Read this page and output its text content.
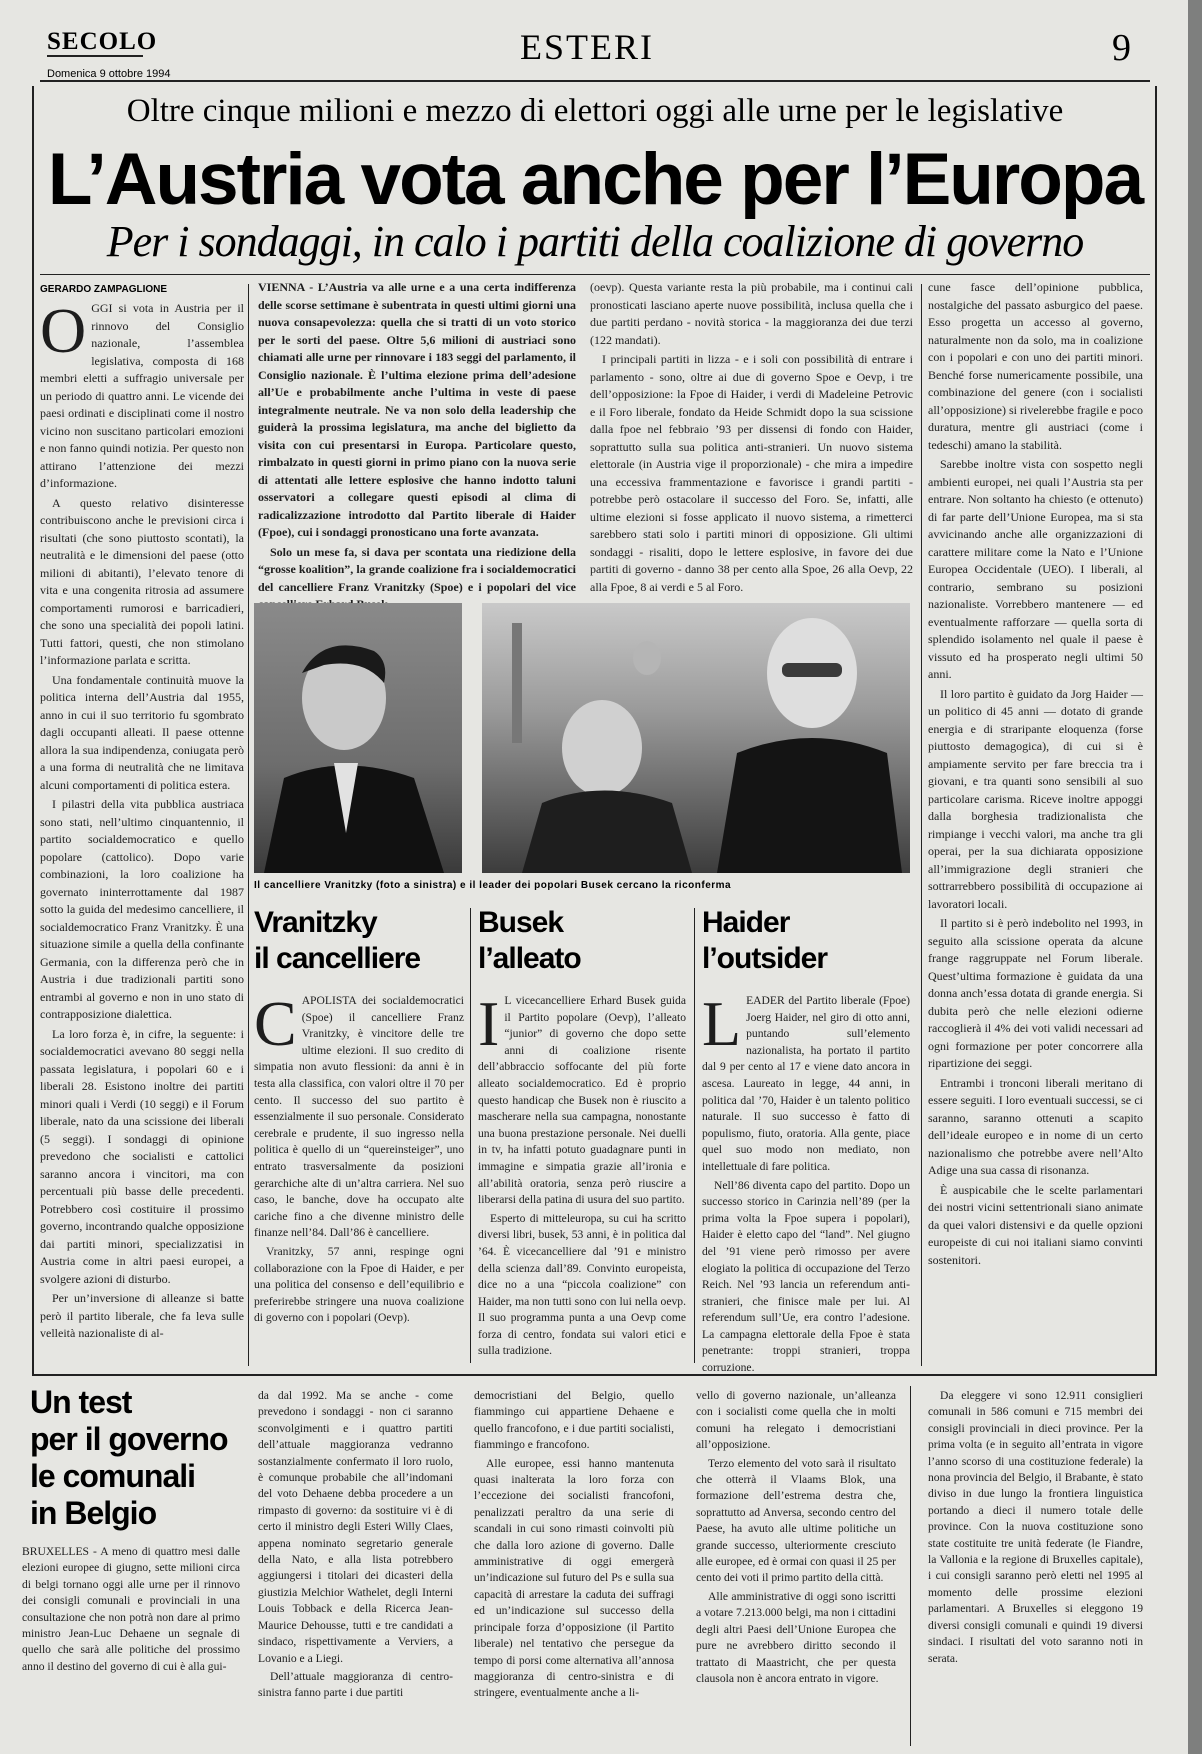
SECOLO
Domenica 9 ottobre 1994
ESTERI	9
Oltre cinque milioni e mezzo di elettori oggi alle urne per le legislative
L’Austria vota anche per l’Europa
Per i sondaggi, in calo i partiti della coalizione di governo
GERARDO ZAMPAGLIONE

OGGI si vota in Austria per il rinnovo del Consiglio nazionale, l’assemblea legislativa, composta di 168 membri eletti a suffragio universale per un periodo di quattro anni. Le vicende dei paesi ordinati e disciplinati come il nostro vicino non suscitano particolari emozioni e non fanno quindi notizia. Per questo non attirano l’attenzione dei mezzi d’informazione.

A questo relativo disinteresse contribuiscono anche le previsioni circa i risultati (che sono piuttosto scontati), la neutralità e le dimensioni del paese (otto milioni di abitanti), l’elevato tenore di vita e una congenita ritrosia ad assumere comportamenti rumorosi e barricadieri, che sono una specialità dei popoli latini. Tutti fattori, questi, che non stimolano l’informazione parlata e scritta.

Una fondamentale continuità muove la politica interna dell’Austria dal 1955, anno in cui il suo territorio fu sgombrato dagli occupanti alleati. Il paese ottenne allora la sua indipendenza, coniugata però a una forma di neutralità che ne limitava alcuni comportamenti di politica estera.

I pilastri della vita pubblica austriaca sono stati, nell’ultimo cinquantennio, il partito socialdemocratico e quello popolare (cattolico). Dopo varie combinazioni, la loro coalizione ha governato ininterrottamente dal 1987 sotto la guida del medesimo cancelliere, il socialdemocratico Franz Vranitzky. È una situazione simile a quella della confinante Germania, con la differenza però che in Austria i due tradizionali partiti sono entrambi al governo e non in uno stato di contrapposizione dialettica.

La loro forza è, in cifre, la seguente: i socialdemocratici avevano 80 seggi nella passata legislatura, i popolari 60 e i liberali 28. Esistono inoltre dei partiti minori quali i Verdi (10 seggi) e il Forum liberale, nato da una scissione dei liberali (5 seggi). I sondaggi di opinione prevedono che socialisti e cattolici saranno ancora i vincitori, ma con percentuali più basse delle precedenti. Potrebbero così costituire il prossimo governo, incontrando qualche opposizione dai partiti minori, specializzatisi in Austria come in altri paesi europei, a svolgere azioni di disturbo.

Per un’inversione di alleanze si batte però il partito liberale, che fa leva sulle velleità nazionaliste di al-

VIENNA - L’Austria va alle urne e a una certa indifferenza delle scorse settimane è subentrata in questi ultimi giorni una nuova consapevolezza: quella che si tratti di un voto storico per le sorti del paese. Oltre 5,6 milioni di austriaci sono chiamati alle urne per rinnovare i 183 seggi del parlamento, il Consiglio nazionale. È l’ultima elezione prima dell’adesione all’Ue e probabilmente anche l’ultima in veste di paese integralmente neutrale. Ne va non solo della leadership che guiderà la prossima legislatura, ma anche del biglietto da visita con cui presentarsi in Europa. Particolare questo, rimbalzato in questi giorni in primo piano con la nuova serie di attentati alle lettere esplosive che hanno indotto taluni osservatori a collegare questi episodi al clima di radicalizzazione introdotto dal Partito liberale di Haider (Fpoe), cui i sondaggi pronosticano una forte avanzata.

Solo un mese fa, si dava per scontata una riedizione della “grosse koalition”, la grande coalizione fra i socialdemocratici del cancelliere Franz Vranitzky (Spoe) e i popolari del vice

(oevp). Questa variante resta la più probabile, ma i continui cali pronosticati lasciano aperte nuove possibilità, inclusa quella che i due partiti perdano - novità storica - la maggioranza dei due terzi (122 mandati).

I principali partiti in lizza - e i soli con possibilità di entrare i parlamento - sono, oltre ai due di governo Spoe e Oevp, i tre dell’opposizione: la Fpoe di Haider, i verdi di Madeleine Petrovic e il Foro liberale, fondato da Heide Schmidt dopo la sua scissione dalla fpoe nel febbraio ’93 per dissensi di fondo con Haider, soprattutto sulla sua politica anti-stranieri. Un nuovo sistema elettorale (in Austria vige il proporzionale) - che mira a impedire una eccessiva frammentazione e favorisce i grandi partiti - potrebbe però ostacolare il successo del Foro. Se, infatti, alle ultime elezioni si fosse applicato il nuovo sistema, a rimetterci sarebbero stati solo i partiti minori di opposizione. Gli ultimi sondaggi - risaliti, dopo le lettere esplosive, in favore dei due partiti di governo - danno 38 per cento alla Spoe, 26 alla Oevp, 22 alla Fpoe, 8 ai verdi e 5 al Foro.

cune fasce dell’opinione pubblica, nostalgiche del passato asburgico del paese. Esso progetta un accesso al governo, naturalmente non da solo, ma in coalizione con i popolari e con uno dei partiti minori. Benché forse numericamente possibile, una combinazione del genere (con i socialisti all’opposizione) si rivelerebbe fragile e poco duratura, mentre gli austriaci (come i tedeschi) amano la stabilità.

Sarebbe inoltre vista con sospetto negli ambienti europei, nei quali l’Austria sta per entrare. Non soltanto ha chiesto (e ottenuto) di far parte dell’Unione Europea, ma si sta avvicinando anche alle organizzazioni di carattere militare come la Nato e l’Unione Europea Occidentale (UEO). I liberali, al contrario, sembrano su posizioni nazionaliste. Vorrebbero mantenere — ed eventualmente rafforzare — quella sorta di splendido isolamento nel quale il paese è vissuto ed ha prosperato negli ultimi 50 anni.

Il loro partito è guidato da Jorg Haider — un politico di 45 anni — dotato di grande energia e di straripante eloquenza (forse piuttosto demagogica), di cui si è ampiamente servito per fare breccia tra i giovani, e tra quanti sono sensibili al suo particolare carisma. Riceve inoltre appoggi dalla borghesia tradizionalista che rimpiange i vecchi valori, ma anche tra gli operai, per la sua dichiarata opposizione all’immigrazione degli stranieri che sottrarrebbero possibilità di occupazione ai lavoratori locali.

Il partito si è però indebolito nel 1993, in seguito alla scissione operata da alcune frange raggruppate nel Forum liberale. Quest’ultima formazione è guidata da una donna anch’essa dotata di grande energia. Si dubita però che nelle elezioni odierne raccoglierà il 4% dei voti validi necessari ad ogni formazione per poter concorrere alla ripartizione dei seggi.

Entrambi i tronconi liberali meritano di essere seguiti. I loro eventuali successi, se ci saranno, saranno ottenuti a scapito dell’ideale europeo e in nome di un certo nazionalismo che potrebbe avere nell’Alto Adige una sua cassa di risonanza.

È auspicabile che le scelte parlamentari dei nostri vicini settentrionali siano animate da quei valori distensivi e da quelle opzioni europeiste di cui noi italiani siamo convinti sostenitori.

Il cancelliere Vranitzky (foto a sinistra) e il leader dei popolari Busek cercano la riconferma
Vranitzky
il cancelliere
Busek
l’alleato
Haider
l’outsider

CAPOLISTA dei socialdemocratici (Spoe) il cancelliere Franz Vranitzky, è vincitore delle tre ultime elezioni. Il suo credito di simpatia non avuto flessioni: da anni è in testa alla classifica, con valori oltre il 70 per cento. Il successo del suo partito è essenzialmente il suo personale. Considerato cerebrale e prudente, il suo ingresso nella politica è quello di un “quereinsteiger”, uno entrato trasversalmente da posizioni gerarchiche alte di un’altra carriera. Nel suo caso, le banche, dove ha occupato alte cariche fino a che divenne ministro delle finanze nell’84. Dall’86 è cancelliere.

Vranitzky, 57 anni, respinge ogni collaborazione con la Fpoe di Haider, e per una politica del consenso e dell’equilibrio e preferirebbe stringere una nuova coalizione di governo con i popolari (Oevp).

I L vicecancelliere Erhard Busek guida il Partito popolare (Oevp), l’alleato “junior” di governo che dopo sette anni di coalizione risente dell’abbraccio soffocante del più forte alleato socialdemocratico. Ed è proprio questo handicap che Busek non è riuscito a mascherare nella sua campagna, nonostante una buona prestazione personale. Nei duelli in tv, ha infatti potuto guadagnare punti in immagine e simpatia grazie all’ironia e all’abilità oratoria, senza però riuscire a liberarsi della patina di usura del suo partito.

Esperto di mitteleuropa, su cui ha scritto diversi libri, busek, 53 anni, è in politica dal ’64. È vicecancelliere dal ’91 e ministro della scienza dall’89. Convinto europeista, dice no a una “piccola coalizione” con Haider, ma non tutti sono con lui nella oevp. Il suo programma punta a una Oevp come forza di centro, fondata sui valori etici e sulla tradizione.

LEADER del Partito liberale (Fpoe) Joerg Haider, nel giro di otto anni, puntando sull’elemento nazionalista, ha portato il partito dal 9 per cento al 17 e viene dato ancora in ascesa. Laureato in legge, 44 anni, in politica dal ’70, Haider è un talento politico naturale. Il suo successo è fatto di populismo, fiuto, oratoria. Alla gente, piace quel suo modo non mediato, non intellettuale di fare politica.

Nell’86 diventa capo del partito. Dopo un successo storico in Carinzia nell’89 (per la prima volta la Fpoe supera i popolari), Haider è eletto capo del “land”. Nel giugno del ’91 viene però rimosso per avere elogiato la politica di occupazione del Terzo Reich. Nel ’93 lancia un referendum anti- stranieri, che finisce male per lui. Al referendum sull’Ue, era contro l’adesione. La campagna elettorale della Fpoe è stata penetrante: troppi stranieri, troppa corruzione.

Un test
per il governo
le comunali
in Belgio

BRUXELLES - A meno di quattro mesi dalle elezioni europee di giugno, sette milioni circa di belgi tornano oggi alle urne per il rinnovo dei consigli comunali e provinciali in una consultazione che non potrà non dare al primo ministro Jean-Luc Dehaene un segnale di quello che sarà alle politiche del prossimo anno il destino del governo di cui è alla gui-

da dal 1992. Ma se anche - come prevedono i sondaggi - non ci saranno sconvolgimenti e i quattro partiti dell’attuale maggioranza vedranno sostanzialmente confermato il loro ruolo, è comunque probabile che all’indomani del voto Dehaene debba procedere a un rimpasto di governo: da sostituire vi è di certo il ministro degli Esteri Willy Claes, appena nominato segretario generale della Nato, e alla lista potrebbero aggiungersi i titolari dei dicasteri della giustizia Melchior Wathelet, degli Interni Louis Tobback e della Ricerca Jean-Maurice Dehousse, tutti e tre candidati a sindaco, rispettivamente a Verviers, a Lovanio e a Liegi.

Dell’attuale maggioranza di centro-sinistra fanno parte i due partiti

democristiani del Belgio, quello fiammingo cui appartiene Dehaene e quello francofono, e i due partiti socialisti, fiammingo e francofono.

Alle europee, essi hanno mantenuta quasi inalterata la loro forza con l’eccezione dei socialisti francofoni, penalizzati peraltro da una serie di scandali in cui sono rimasti coinvolti più che dalla loro azione di governo. Dalle amministrative di oggi emergerà un’indicazione sul futuro del Ps e sulla sua capacità di arrestare la caduta dei suffragi ed un’indicazione sul successo della principale forza d’opposizione (il Partito liberale) nel tentativo che persegue da tempo di porsi come alternativa all’annosa maggioranza di centro-sinistra e di stringere, eventualmente anche a li-

vello di governo nazionale, un’alleanza con i socialisti come quella che in molti comuni ha relegato i democristiani all’opposizione.

Terzo elemento del voto sarà il risultato che otterrà il Vlaams Blok, una formazione dell’estrema destra che, soprattutto ad Anversa, secondo centro del Paese, ha avuto alle ultime politiche un grande successo, ulteriormente cresciuto alle europee, ed è ormai con quasi il 25 per cento dei voti il primo partito della città.

Alle amministrative di oggi sono iscritti a votare 7.213.000 belgi, ma non i cittadini degli altri Paesi dell’Unione Europea che pure ne avrebbero diritto secondo il trattato di Maastricht, che per questa clausola non è ancora entrato in vigore.

Da eleggere vi sono 12.911 consiglieri comunali in 586 comuni e 715 membri dei consigli provinciali in dieci province. Per la prima volta (e in seguito all’entrata in vigore l’anno scorso di una costituzione federale) la nona provincia del Belgio, il Brabante, è stato diviso in due lungo la frontiera linguistica portando a dieci il numero totale delle province. Con la nuova costituzione sono state costituite tre unità federate (le Fiandre, la Vallonia e la regione di Bruxelles capitale), i cui consigli saranno però eletti nel 1995 al momento delle prossime elezioni parlamentari. A Bruxelles si eleggono 19 diversi consigli comunali e quindi 19 diversi sindaci. I risultati del voto saranno noti in serata.
